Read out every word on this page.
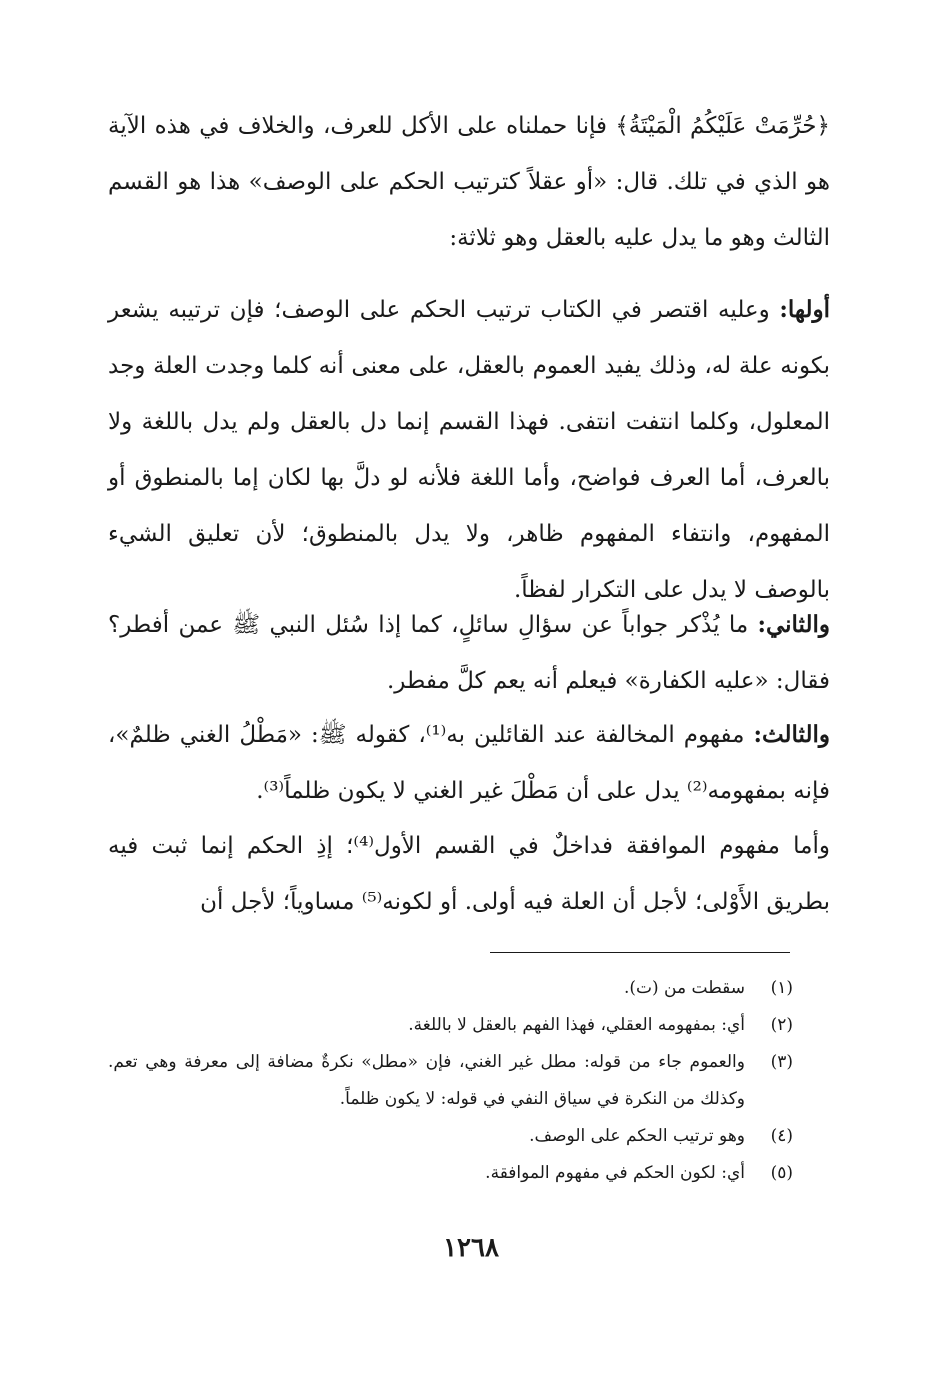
﴿حُرِّمَتْ عَلَيْكُمُ الْمَيْتَةُ﴾ فإنا حملناه على الأكل للعرف، والخلاف في هذه الآية هو الذي في تلك. قال: «أو عقلاً كترتيب الحكم على الوصف» هذا هو القسم الثالث وهو ما يدل عليه بالعقل وهو ثلاثة:

أولها: وعليه اقتصر في الكتاب ترتيب الحكم على الوصف؛ فإن ترتيبه يشعر بكونه علة له، وذلك يفيد العموم بالعقل، على معنى أنه كلما وجدت العلة وجد المعلول، وكلما انتفت انتفى. فهذا القسم إنما دل بالعقل ولم يدل باللغة ولا بالعرف، أما العرف فواضح، وأما اللغة فلأنه لو دلَّ بها لكان إما بالمنطوق أو المفهوم، وانتفاء المفهوم ظاهر، ولا يدل بالمنطوق؛ لأن تعليق الشيء بالوصف لا يدل على التكرار لفظاً.

والثاني: ما يُذْكر جواباً عن سؤالِ سائلٍ، كما إذا سُئل النبي ﷺ عمن أفطر؟ فقال: «عليه الكفارة» فيعلم أنه يعم كلَّ مفطر.

والثالث: مفهوم المخالفة عند القائلين به⁽¹⁾، كقوله ﷺ: «مَطْلُ الغني ظلمٌ»، فإنه بمفهومه⁽²⁾ يدل على أن مَطْلَ غير الغني لا يكون ظلماً⁽³⁾.

وأما مفهوم الموافقة فداخلٌ في القسم الأول⁽⁴⁾؛ إذِ الحكم إنما ثبت فيه بطريق الأَوْلى؛ لأجل أن العلة فيه أولى. أو لكونه⁽⁵⁾ مساوياً؛ لأجل أن

(١)
سقطت من (ت).
(٢)
أي: بمفهومه العقلي، فهذا الفهم بالعقل لا باللغة.
(٣)
والعموم جاء من قوله: مطل غير الغني، فإن «مطل» نكرةٌ مضافة إلى معرفة وهي تعم. وكذلك من النكرة في سياق النفي في قوله: لا يكون ظلماً.
(٤)
وهو ترتيب الحكم على الوصف.
(٥)
أي: لكون الحكم في مفهوم الموافقة.
١٢٦٨
